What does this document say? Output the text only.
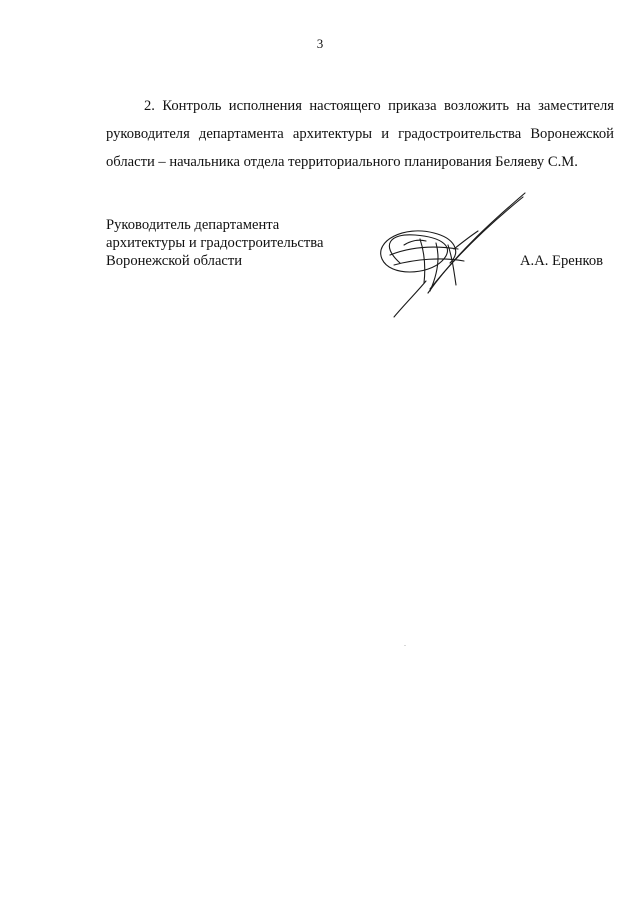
3

2. Контроль исполнения настоящего приказа возложить на заместителя
руководителя департамента архитектуры и градостроительства Воронежской
области – начальника отдела территориального планирования Беляеву С.М.

Руководитель департамента
архитектуры и градостроительства
Воронежской области	А.А. Еренков
